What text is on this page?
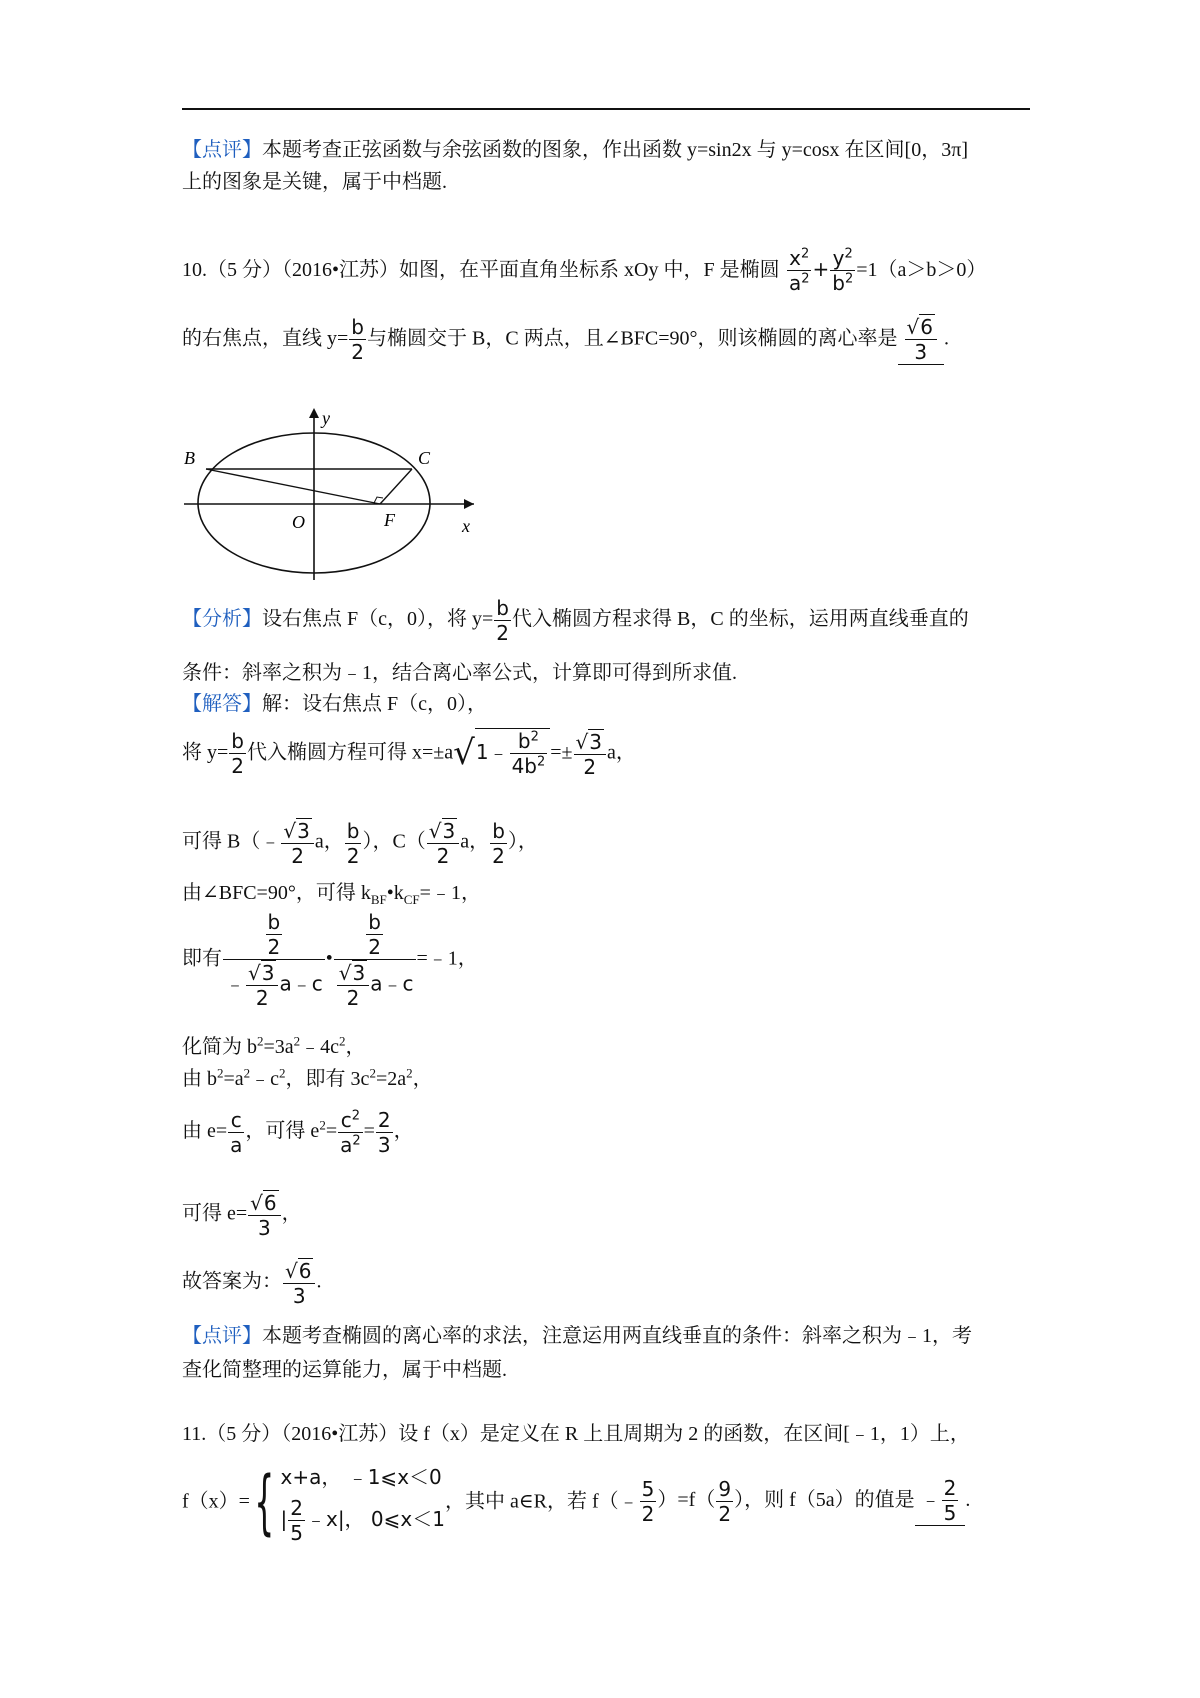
【点评】本题考查正弦函数与余弦函数的图象，作出函数 y=sin2x 与 y=cosx 在区间[0，3π]
上的图象是关键，属于中档题.
10.（5 分）（2016•江苏）如图，在平面直角坐标系 xOy 中，F 是椭圆 $\frac{x^2}{a^2} + \frac{y^2}{b^2} =1(a>b>0)$
的右焦点，直线 $y= \frac{b}{2}$ 与椭圆交于 B，C 两点，且∠BFC=90°，则该椭圆的离心率是
√ $\frac{6}{3}$ .
y
x
O
B	C
F
【分析】设右焦点 F（c，0），将 $y= \frac{b}{2}$ 代入椭圆方程求得 B，C 的坐标，运用两直线垂直的
条件：斜率之积为﹣1，结合离心率公式，计算即可得到所求值.
【解答】解：设右焦点 F（c，0），
将 $y= \frac{b}{2}$ 代入椭圆方程可得 x=±a√ 1﹣ $\frac{b^2}{4b^2}$ =±
√ $\frac{3}{2}$ a，
可得 B（﹣
√ $\frac{3}{2}$ a， $\frac{b}{2}$ ），C（
√ $\frac{3}{2}$ a， $\frac{b}{2}$ ），
由∠BFC=90°，可得 $k_{BF}•k_{CF}=﹣1$，
即有 $\frac{b}{2}$
﹣
√ $\frac{3}{2}$ a﹣c • $\frac{b}{2}$
√ $\frac{3}{2}$ a﹣c =﹣1，
化简为 $b^2=3a^2﹣4c^2$，
由 $b^2=a^2﹣c^2$，即有 $3c^2=2a^2$，
由 $e= \frac{c}{a}$ ，可得 $e^2= \frac{c^2}{a^2} = \frac{2}{3}$ ，
可得 e=
√ $\frac{6}{3}$ ，
故答案为：
√ $\frac{6}{3}$ .
【点评】本题考查椭圆的离心率的求法，注意运用两直线垂直的条件：斜率之积为﹣1，考
查化简整理的运算能力，属于中档题.
11.（5 分）（2016•江苏）设 f（x）是定义在 R 上且周期为 2 的函数，在区间[﹣1，1）上，
f（x）={ x+a， ﹣1⩽x＜0
| $\frac{2}{5}$ ﹣x|， 0⩽x＜1
，其中 a∈R，若 f（﹣ $\frac{5}{2} )=f( \frac{9}{2}$ ），则 f（5a）的值是 ﹣ $\frac{2}{5}$ .
